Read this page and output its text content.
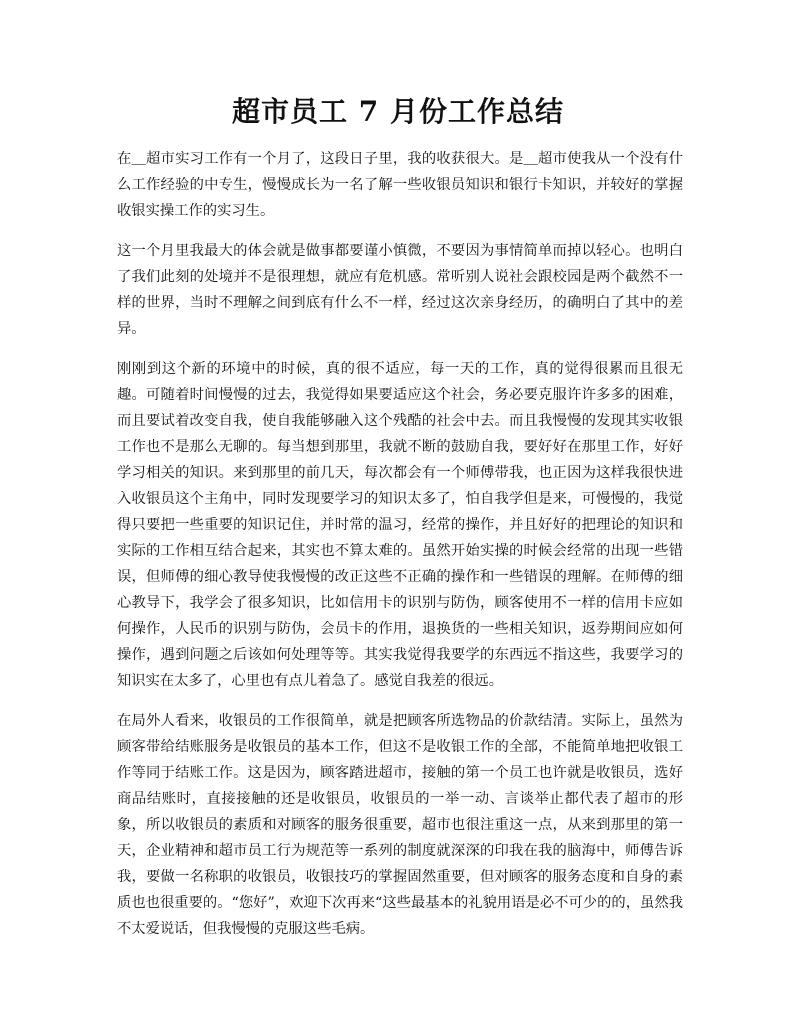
超市员工 7 月份工作总结

在＿超市实习工作有一个月了，这段日子里，我的收获很大。是＿超市使我从一个没有什么工作经验的中专生，慢慢成长为一名了解一些收银员知识和银行卡知识，并较好的掌握收银实操工作的实习生。

这一个月里我最大的体会就是做事都要谨小慎微，不要因为事情简单而掉以轻心。也明白了我们此刻的处境并不是很理想，就应有危机感。常听别人说社会跟校园是两个截然不一样的世界，当时不理解之间到底有什么不一样，经过这次亲身经历，的确明白了其中的差异。

刚刚到这个新的环境中的时候，真的很不适应，每一天的工作，真的觉得很累而且很无趣。可随着时间慢慢的过去，我觉得如果要适应这个社会，务必要克服许许多多的困难，而且要试着改变自我，使自我能够融入这个残酷的社会中去。而且我慢慢的发现其实收银工作也不是那么无聊的。每当想到那里，我就不断的鼓励自我，要好好在那里工作，好好学习相关的知识。来到那里的前几天，每次都会有一个师傅带我，也正因为这样我很快进入收银员这个主角中，同时发现要学习的知识太多了，怕自我学但是来，可慢慢的，我觉得只要把一些重要的知识记住，并时常的温习，经常的操作，并且好好的把理论的知识和实际的工作相互结合起来，其实也不算太难的。虽然开始实操的时候会经常的出现一些错误，但师傅的细心教导使我慢慢的改正这些不正确的操作和一些错误的理解。在师傅的细心教导下，我学会了很多知识，比如信用卡的识别与防伪，顾客使用不一样的信用卡应如何操作，人民币的识别与防伪，会员卡的作用，退换货的一些相关知识，返券期间应如何操作，遇到问题之后该如何处理等等。其实我觉得我要学的东西远不指这些，我要学习的知识实在太多了，心里也有点儿着急了。感觉自我差的很远。

在局外人看来，收银员的工作很简单，就是把顾客所选物品的价款结清。实际上，虽然为顾客带给结账服务是收银员的基本工作，但这不是收银工作的全部，不能简单地把收银工作等同于结账工作。这是因为，顾客踏进超市，接触的第一个员工也许就是收银员，选好商品结账时，直接接触的还是收银员，收银员的一举一动、言谈举止都代表了超市的形象，所以收银员的素质和对顾客的服务很重要，超市也很注重这一点，从来到那里的第一天，企业精神和超市员工行为规范等一系列的制度就深深的印我在我的脑海中，师傅告诉我，要做一名称职的收银员，收银技巧的掌握固然重要，但对顾客的服务态度和自身的素质也也很重要的。“您好”，欢迎下次再来“这些最基本的礼貌用语是必不可少的的，虽然我不太爱说话，但我慢慢的克服这些毛病。
